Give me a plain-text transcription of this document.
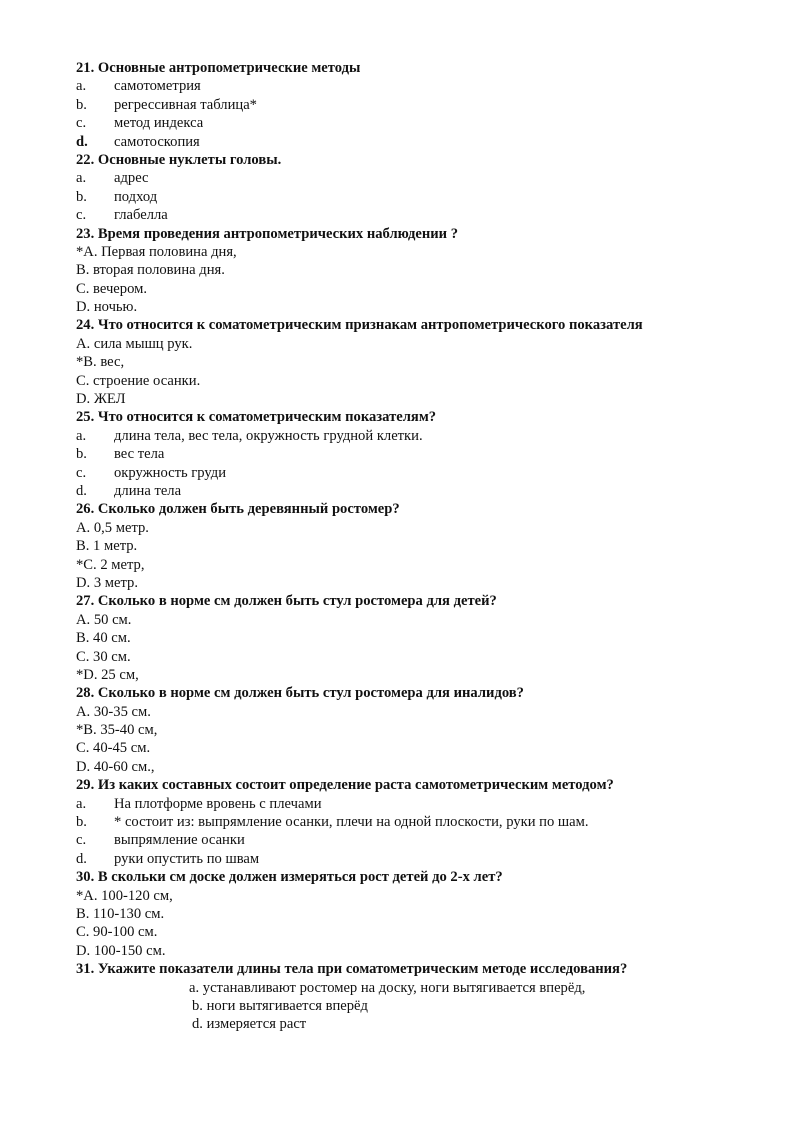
21. Основные антропометрические методы
a. самотометрия
b. регрессивная таблица*
c. метод индекса
d. самотоскопия
22. Основные нуклеты головы.
a. адрес
b. подход
c. глабелла
23. Время проведения антропометрических наблюдении ?
*А. Первая половина дня,
В. вторая половина дня.
С. вечером.
D. ночью.
24. Что относится к соматометрическим признакам антропометрического показателя
А. сила мышц рук.
*В. вес,
С. строение осанки.
D. ЖЕЛ
25. Что относится к соматометрическим показателям?
a. длина тела, вес тела, окружность грудной клетки.
b. вес тела
c. окружность груди
d. длина тела
26. Сколько должен быть деревянный ростомер?
А. 0,5 метр.
В. 1 метр.
*С. 2 метр,
D. 3 метр.
27. Сколько в норме см должен быть стул ростомера для детей?
А. 50 см.
В. 40 см.
С. 30 см.
*D. 25 см,
28. Сколько в норме см должен быть стул ростомера для иналидов?
А. 30-35 см.
*В. 35-40 см,
С. 40-45 см.
D. 40-60 см.,
29. Из каких составных состоит определение раста самотометрическим методом?
a. На плотформе вровень с плечами
b. * состоит из: выпрямление осанки, плечи на одной плоскости, руки по шам.
c. выпрямление осанки
d. руки опустить по швам
30. В скольки см доске должен измеряться рост детей до 2-х лет?
*А. 100-120 см,
В. 110-130 см.
С. 90-100 см.
D. 100-150 см.
31. Укажите показатели длины тела при соматометрическим методе исследования?
a. устанавливают ростомер на доску, ноги вытягивается вперёд,
b. ноги вытягивается вперёд
d. измеряется раст
